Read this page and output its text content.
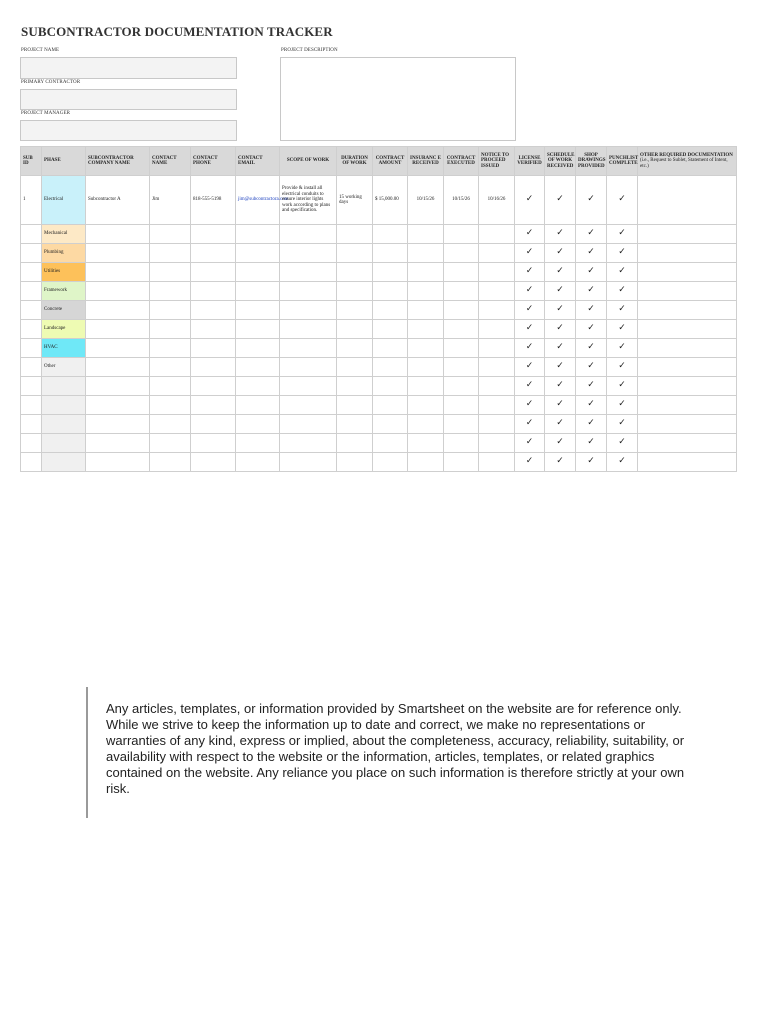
SUBCONTRACTOR DOCUMENTATION TRACKER
PROJECT NAME
PRIMARY CONTRACTOR
PROJECT MANAGER
PROJECT DESCRIPTION
SUB ID	PHASE	SUBCONTRACTOR COMPANY NAME	CONTACT NAME	CONTACT PHONE	CONTACT EMAIL	SCOPE OF WORK	DURATION OF WORK	CONTRACT AMOUNT	INSURANC E RECEIVED	CONTRACT EXECUTED	NOTICE TO PROCEED ISSUED	LICENSE VERIFIED	SCHEDULE OF WORK RECEIVED	SHOP DRAWINGS PROVIDED	PUNCHLIST COMPLETE	OTHER REQUIRED DOCUMENTATION
(i.e., Request to Sublet, Statement of Intent, etc.)

1	Electrical	Subcontractor A	Jim	818-555-5198	jim@subcontractora.com	Provide & install all electrical conduits to ensure interior lights work according to plans and specification.	15 working days	$ 15,000.00	10/15/26	10/15/26	10/16/26	✓	✓	✓	✓	
	Mechanical											✓	✓	✓	✓	
	Plumbing											✓	✓	✓	✓	
	Utilities											✓	✓	✓	✓	
	Framework											✓	✓	✓	✓	
	Concrete											✓	✓	✓	✓	
	Landscape											✓	✓	✓	✓	
	HVAC											✓	✓	✓	✓	
	Other											✓	✓	✓	✓	
												✓	✓	✓	✓	
												✓	✓	✓	✓	
												✓	✓	✓	✓	
												✓	✓	✓	✓	
												✓	✓	✓	✓	

Any articles, templates, or information provided by Smartsheet on the website are for reference only. While we strive to keep the information up to date and correct, we make no representations or warranties of any kind, express or implied, about the completeness, accuracy, reliability, suitability, or availability with respect to the website or the information, articles, templates, or related graphics contained on the website. Any reliance you place on such information is therefore strictly at your own risk.
